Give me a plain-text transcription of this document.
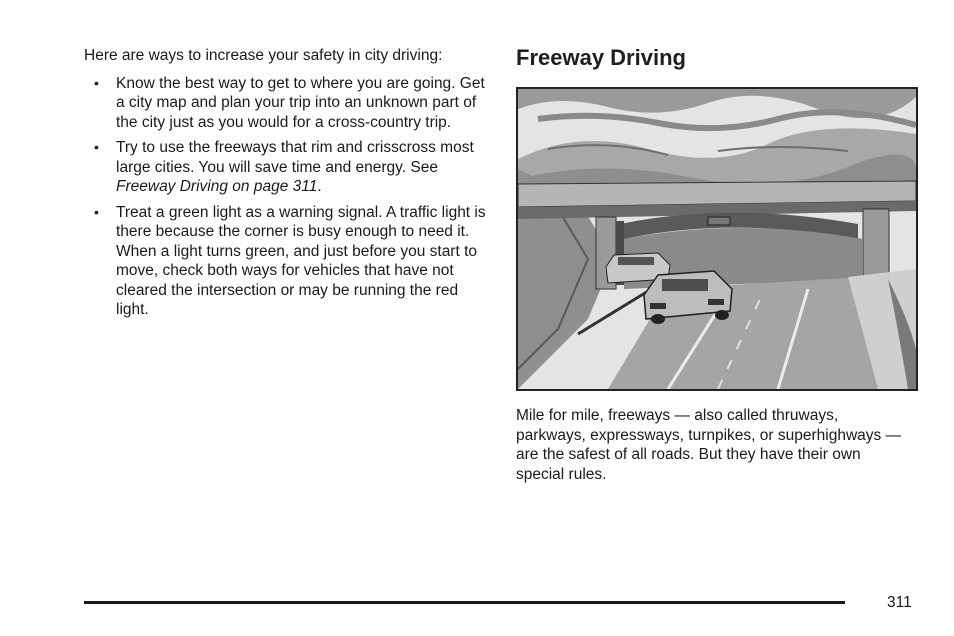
Here are ways to increase your safety in city driving:

• Know the best way to get to where you are going. Get a city map and plan your trip into an unknown part of the city just as you would for a cross-country trip.
• Try to use the freeways that rim and crisscross most large cities. You will save time and energy. See Freeway Driving on page 311.
• Treat a green light as a warning signal. A traffic light is there because the corner is busy enough to need it. When a light turns green, and just before you start to move, check both ways for vehicles that have not cleared the intersection or may be running the red light.
Freeway Driving

Mile for mile, freeways — also called thruways, parkways, expressways, turnpikes, or superhighways — are the safest of all roads. But they have their own special rules.

311
